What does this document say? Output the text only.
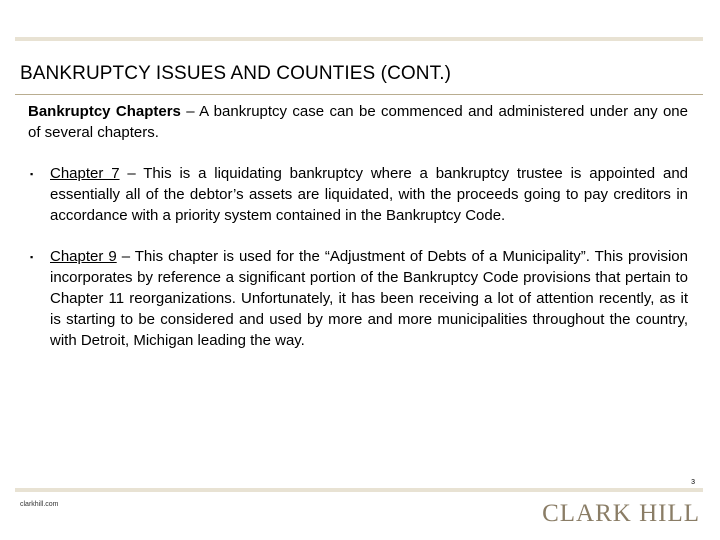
BANKRUPTCY ISSUES AND COUNTIES (CONT.)
Bankruptcy Chapters – A bankruptcy case can be commenced and administered under any one of several chapters.
▪ Chapter 7 – This is a liquidating bankruptcy where a bankruptcy trustee is appointed and essentially all of the debtor’s assets are liquidated, with the proceeds going to pay creditors in accordance with a priority system contained in the Bankruptcy Code.
▪ Chapter 9 – This chapter is used for the “Adjustment of Debts of a Municipality”. This provision incorporates by reference a significant portion of the Bankruptcy Code provisions that pertain to Chapter 11 reorganizations. Unfortunately, it has been receiving a lot of attention recently, as it is starting to be considered and used by more and more municipalities throughout the country, with Detroit, Michigan leading the way.
3
clarkhill.com	CLARK HILL
